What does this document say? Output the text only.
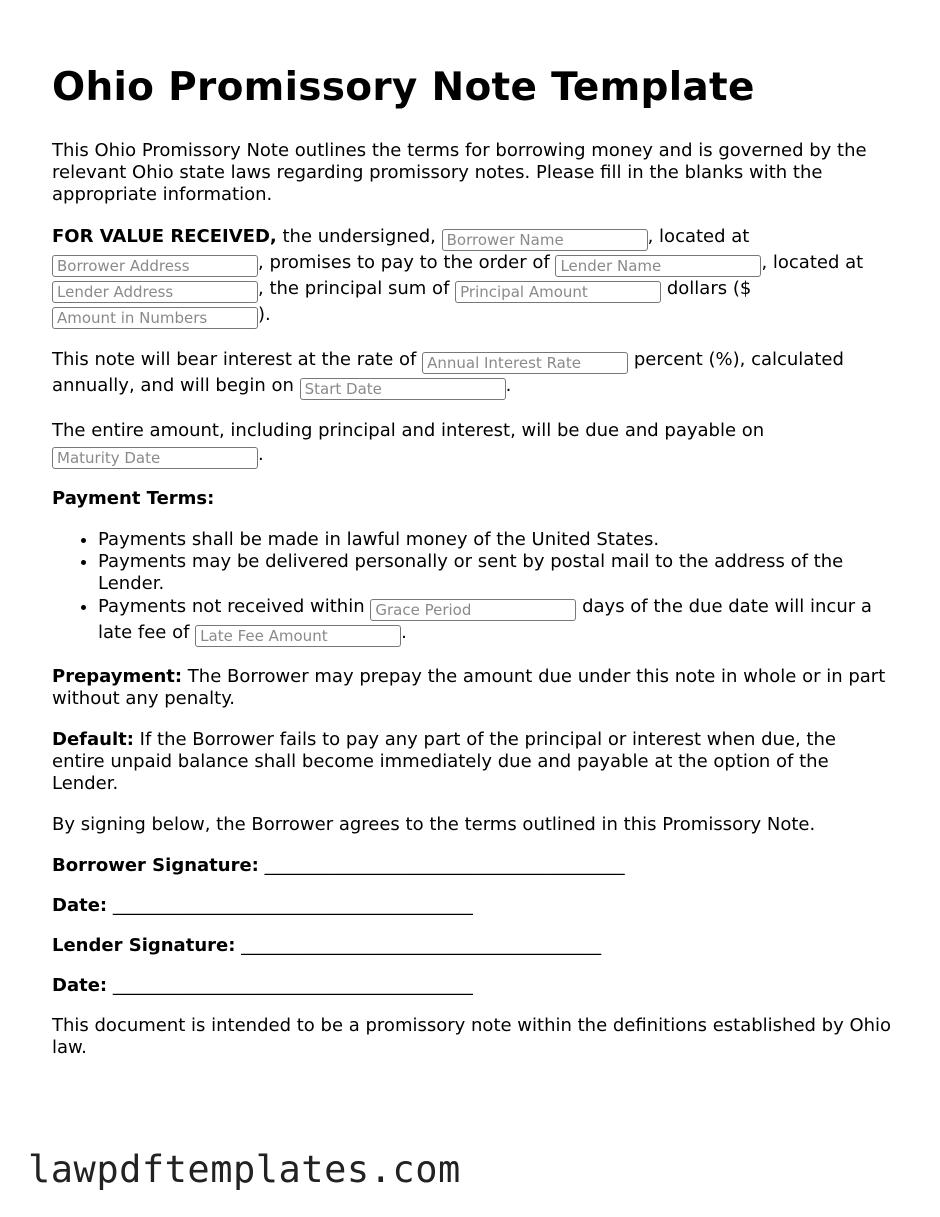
Ohio Promissory Note Template

This Ohio Promissory Note outlines the terms for borrowing money and is governed by the relevant Ohio state laws regarding promissory notes. Please fill in the blanks with the appropriate information.

FOR VALUE RECEIVED, the undersigned, Borrower Name	, located at Borrower Address, promises to pay to the order of Lender Name	, located at Lender Address, the principal sum of Principal Amount	dollars ($ Amount in Numbers).

This note will bear interest at the rate of Annual Interest Rate	percent (%), calculated annually, and will begin on Start Date	.

The entire amount, including principal and interest, will be due and payable on Maturity Date.

Payment Terms:

• Payments shall be made in lawful money of the United States.
• Payments may be delivered personally or sent by postal mail to the address of the Lender.
• Payments not received within Grace Period	days of the due date will incur a late fee of Late Fee Amount	.

Prepayment: The Borrower may prepay the amount due under this note in whole or in part without any penalty.

Default: If the Borrower fails to pay any part of the principal or interest when due, the entire unpaid balance shall become immediately due and payable at the option of the Lender.

By signing below, the Borrower agrees to the terms outlined in this Promissory Note.

Borrower Signature: ________________________________________

Date: ________________________________________

Lender Signature: ________________________________________

Date: ________________________________________

This document is intended to be a promissory note within the definitions established by Ohio law.

lawpdftemplates.com
